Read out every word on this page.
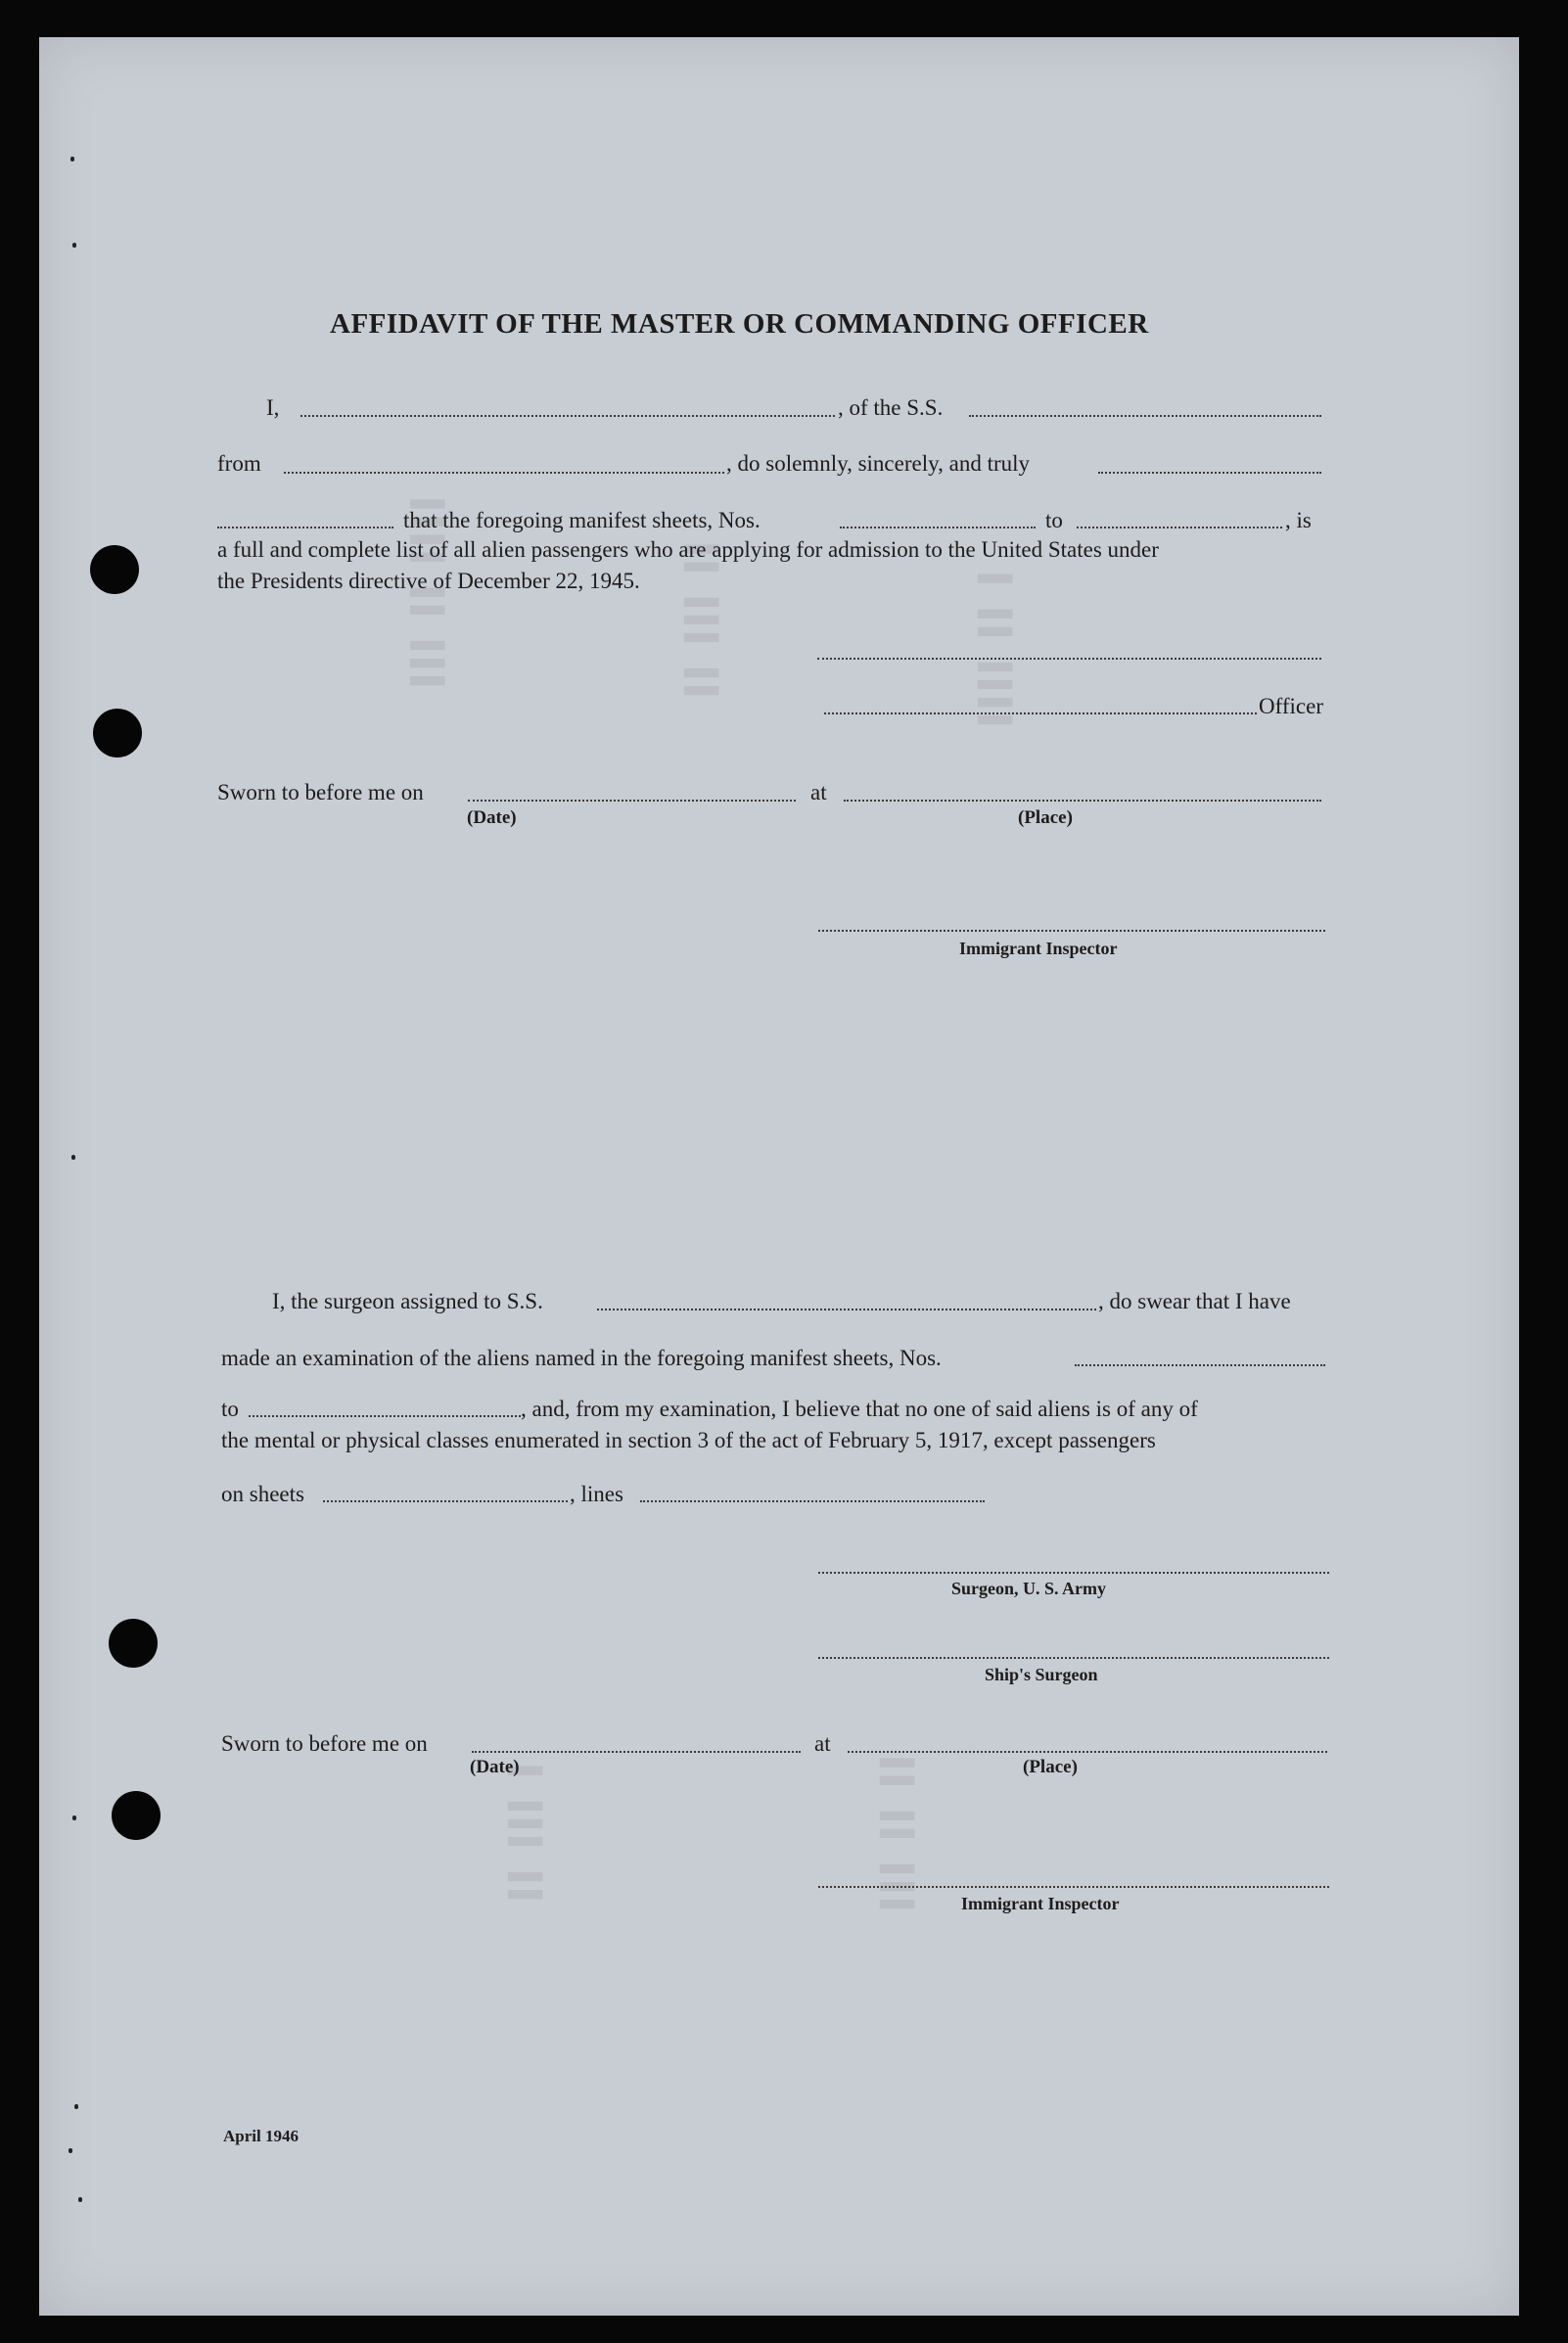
▌▌▌ ▌▌ ▌▌▌▌	▌▌ ▌▌▌ ▌▌	▌▌▌▌ ▌▌ ▌
▌▌ ▌▌▌ ▌	▌▌▌ ▌▌ ▌▌
AFFIDAVIT OF THE MASTER OR COMMANDING OFFICER
I,	, of the S.S.
from	, do solemnly, sincerely, and truly
that the foregoing manifest sheets, Nos.	to	, is
a full and complete list of all alien passengers who are applying for admission to the United States under
the Presidents directive of December 22, 1945.
Officer
Sworn to before me on	at
(Date)	(Place)
Immigrant Inspector
I, the surgeon assigned to S.S.	, do swear that I have
made an examination of the aliens named in the foregoing manifest sheets, Nos.
to	, and, from my examination, I believe that no one of said aliens is of any of
the mental or physical classes enumerated in section 3 of the act of February 5, 1917, except passengers
on sheets	, lines
Surgeon, U. S. Army
Ship's Surgeon
Sworn to before me on	at
(Date)	(Place)
Immigrant Inspector
April 1946
